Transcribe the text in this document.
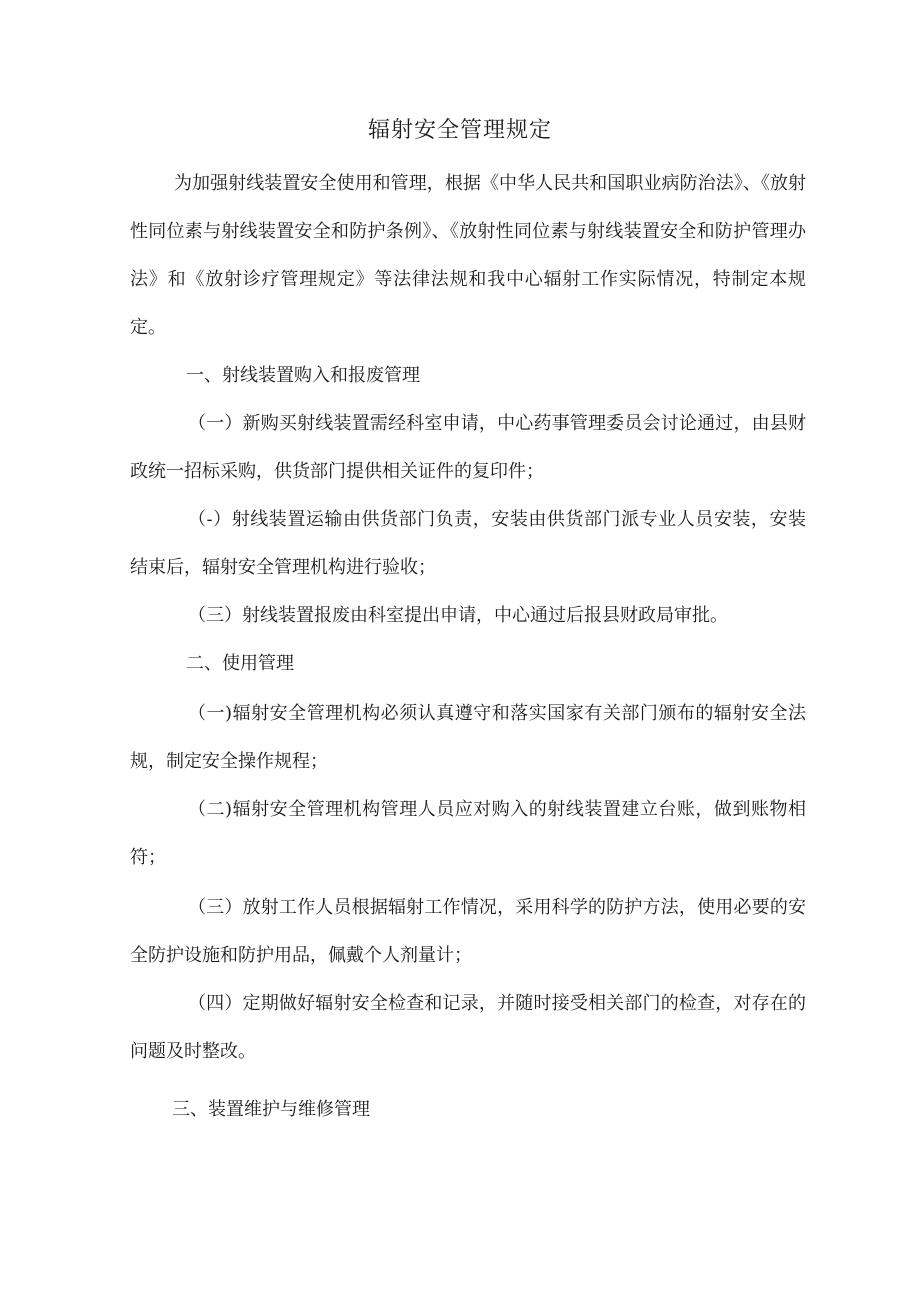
辐射安全管理规定

为加强射线装置安全使用和管理，根据《中华人民共和国职业病防治法》、《放射性同位素与射线装置安全和防护条例》、《放射性同位素与射线装置安全和防护管理办法》和《放射诊疗管理规定》等法律法规和我中心辐射工作实际情况，特制定本规定。

一、射线装置购入和报废管理

（一）新购买射线装置需经科室申请，中心药事管理委员会讨论通过，由县财政统一招标采购，供货部门提供相关证件的复印件；

（-）射线装置运输由供货部门负责，安装由供货部门派专业人员安装，安装结束后，辐射安全管理机构进行验收；

（三）射线装置报废由科室提出申请，中心通过后报县财政局审批。

二、使用管理

（一)辐射安全管理机构必须认真遵守和落实国家有关部门颁布的辐射安全法规，制定安全操作规程；

（二)辐射安全管理机构管理人员应对购入的射线装置建立台账，做到账物相符；

（三）放射工作人员根据辐射工作情况，采用科学的防护方法，使用必要的安全防护设施和防护用品，佩戴个人剂量计；

（四）定期做好辐射安全检查和记录，并随时接受相关部门的检查，对存在的问题及时整改。

三、装置维护与维修管理
